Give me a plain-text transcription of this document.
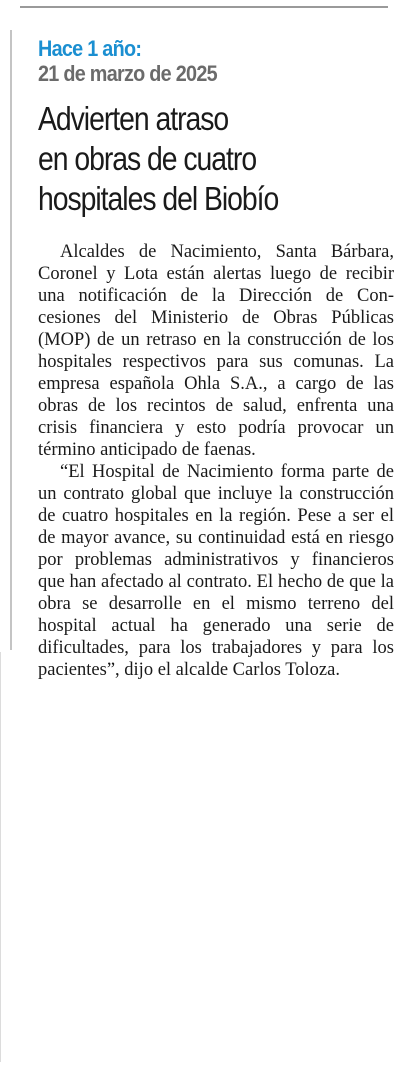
Hace 1 año:
21 de marzo de 2025
Advierten atraso
en obras de cuatro
hospitales del Biobío

Alcaldes de Nacimiento, Santa Bárbara, Coronel y Lota están alertas luego de recibir una notificación de la Dirección de Concesiones del Ministerio de Obras Públicas (MOP) de un retraso en la construcción de los hospitales respectivos para sus comunas. La empresa española Ohla S.A., a cargo de las obras de los recintos de salud, enfrenta una crisis financiera y esto podría provocar un término anticipado de faenas.

“El Hospital de Nacimiento forma parte de un contrato global que incluye la construcción de cuatro hospitales en la región. Pese a ser el de mayor avance, su continuidad está en riesgo por problemas administrativos y financieros que han afectado al contrato. El hecho de que la obra se desarrolle en el mismo terreno del hospital actual ha generado una serie de dificultades, para los trabajadores y para los pacientes”, dijo el alcalde Carlos Toloza.
